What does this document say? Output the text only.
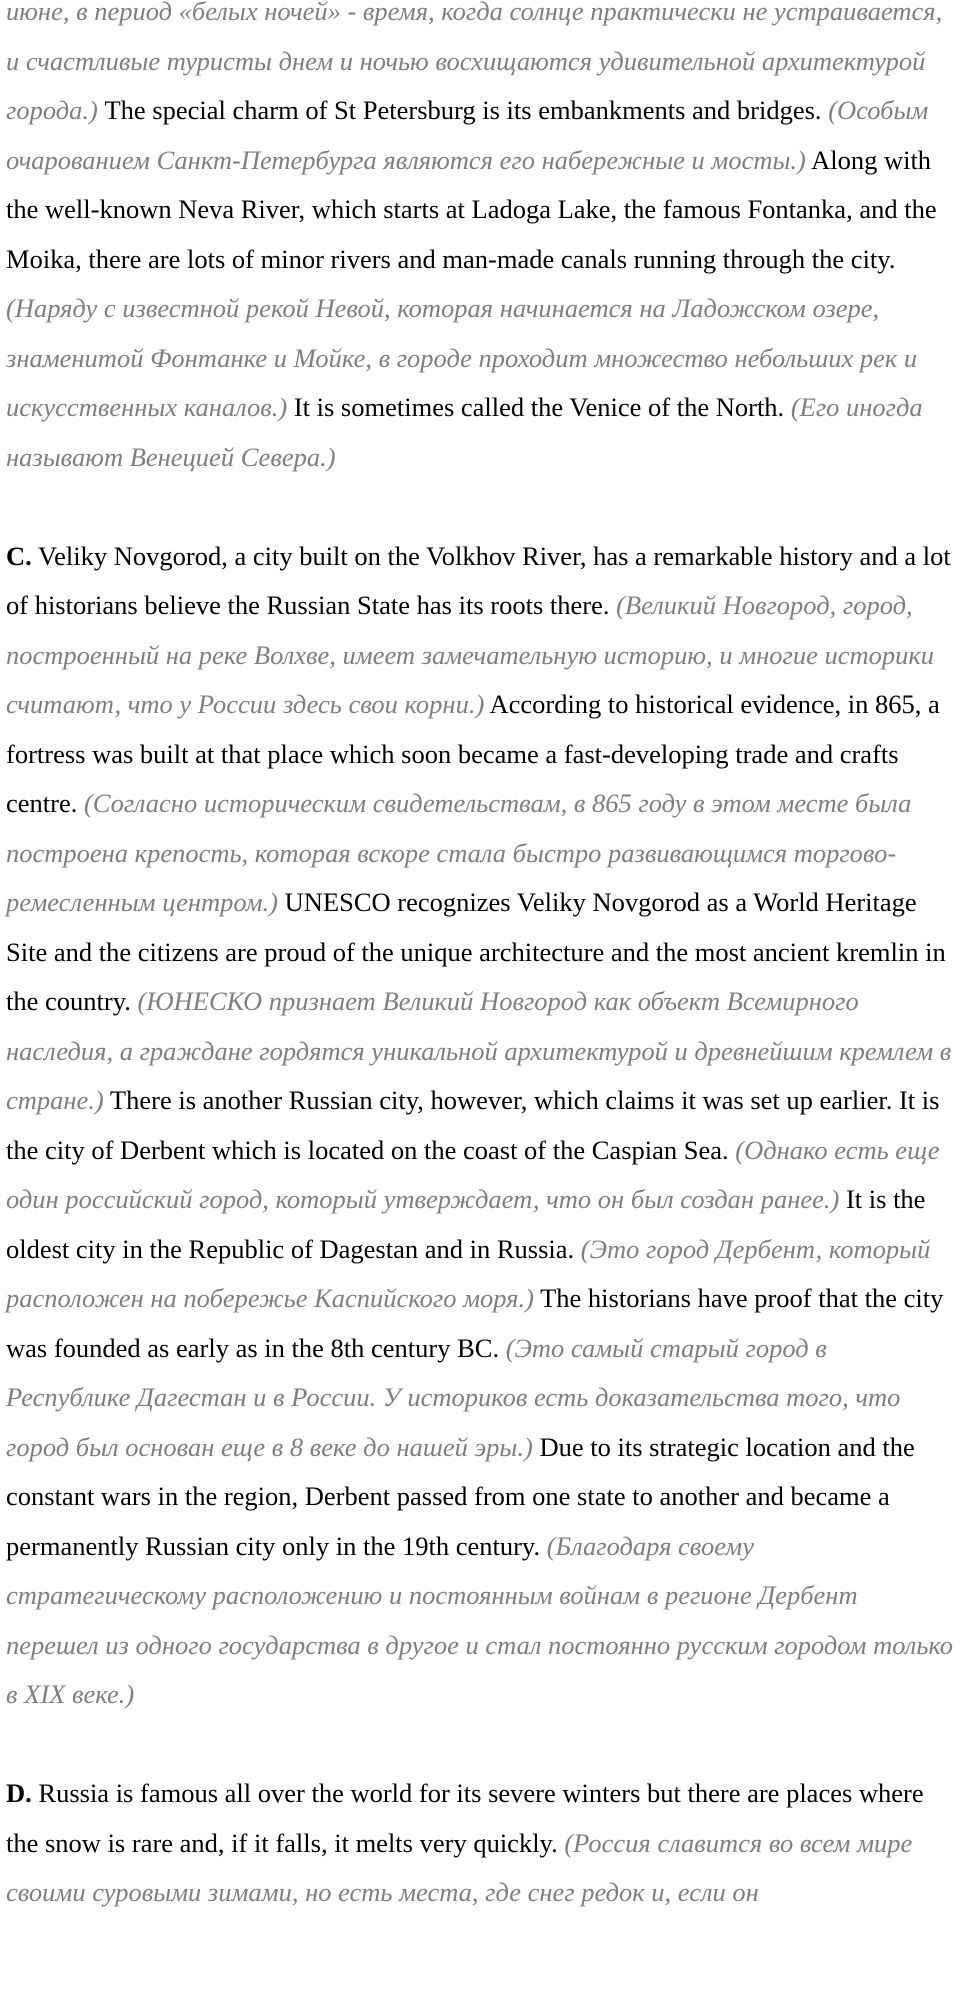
июне, в период «белых ночей» - время, когда солнце практически не устраивается, и счастливые туристы днем и ночью восхищаются удивительной архитектурой города.) The special charm of St Petersburg is its embankments and bridges. (Особым очарованием Санкт-Петербурга являются его набережные и мосты.) Along with the well-known Neva River, which starts at Ladoga Lake, the famous Fontanka, and the Moika, there are lots of minor rivers and man-made canals running through the city. (Наряду с известной рекой Невой, которая начинается на Ладожском озере, знаменитой Фонтанке и Мойке, в городе проходит множество небольших рек и искусственных каналов.) It is sometimes called the Venice of the North. (Его иногда называют Венецией Севера.)

C. Veliky Novgorod, a city built on the Volkhov River, has a remarkable history and a lot of historians believe the Russian State has its roots there. (Великий Новгород, город, построенный на реке Волхве, имеет замечательную историю, и многие историки считают, что у России здесь свои корни.) According to historical evidence, in 865, a fortress was built at that place which soon became a fast-developing trade and crafts centre. (Согласно историческим свидетельствам, в 865 году в этом месте была построена крепость, которая вскоре стала быстро развивающимся торгово-ремесленным центром.) UNESCO recognizes Veliky Novgorod as a World Heritage Site and the citizens are proud of the unique architecture and the most ancient kremlin in the country. (ЮНЕСКО признает Великий Новгород как объект Всемирного наследия, а граждане гордятся уникальной архитектурой и древнейшим кремлем в стране.) There is another Russian city, however, which claims it was set up earlier. It is the city of Derbent which is located on the coast of the Caspian Sea. (Однако есть еще один российский город, который утверждает, что он был создан ранее.) It is the oldest city in the Republic of Dagestan and in Russia. (Это город Дербент, который расположен на побережье Каспийского моря.) The historians have proof that the city was founded as early as in the 8th century BC. (Это самый старый город в Республике Дагестан и в России. У историков есть доказательства того, что город был основан еще в 8 веке до нашей эры.) Due to its strategic location and the constant wars in the region, Derbent passed from one state to another and became a permanently Russian city only in the 19th century. (Благодаря своему стратегическому расположению и постоянным войнам в регионе Дербент перешел из одного государства в другое и стал постоянно русским городом только в XIX веке.)

D. Russia is famous all over the world for its severe winters but there are places where the snow is rare and, if it falls, it melts very quickly. (Россия славится во всем мире своими суровыми зимами, но есть места, где снег редок и, если он
